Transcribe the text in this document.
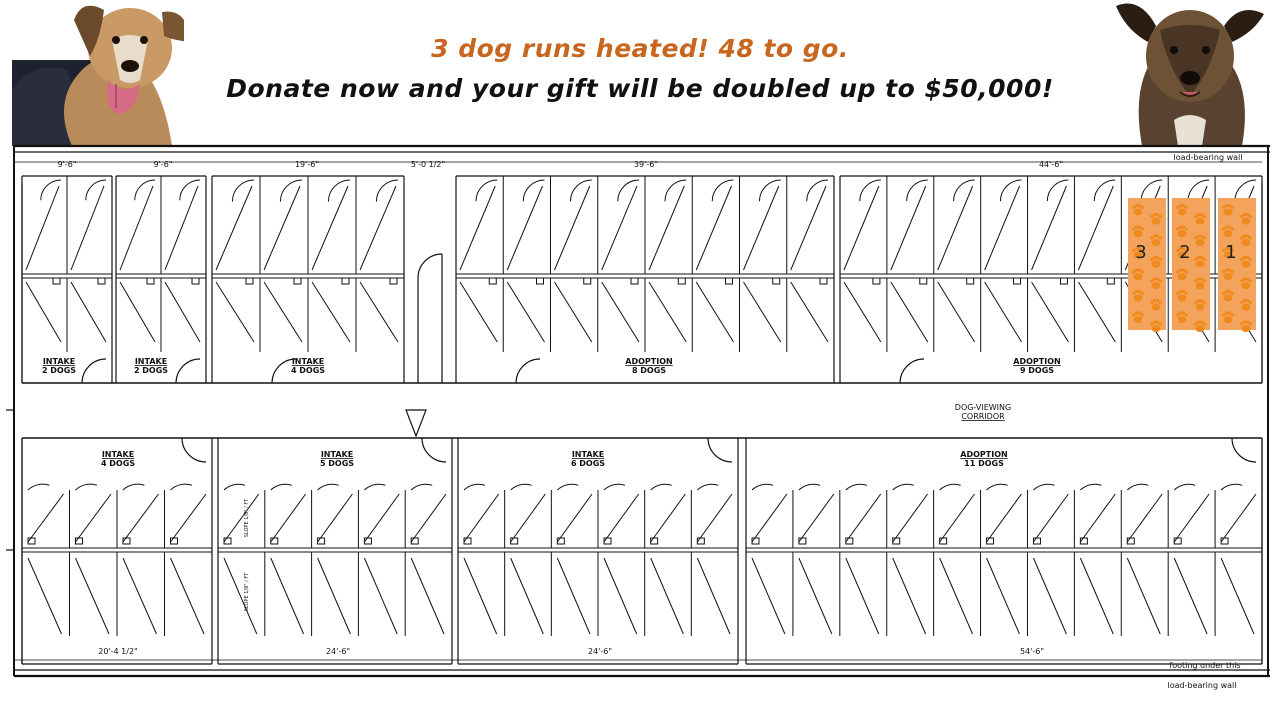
3 dog runs heated! 48 to go.
Donate now and your gift will be doubled up to $50,000!
3 2 1
load-bearing wall
footing under this
load-bearing wall
DOG-VIEWING
CORRIDOR
9'-6"	9'-6"	19'-6"	5'-0 1/2"	39'-6"	44'-6"
20'-4 1/2"	24'-6"	24'-6"	54'-6"
INTAKE
2 DOGS
INTAKE
2 DOGS
INTAKE
4 DOGS
ADOPTION
8 DOGS
ADOPTION
9 DOGS
INTAKE
4 DOGS
INTAKE
5 DOGS
INTAKE
6 DOGS
ADOPTION
11 DOGS
SLOPE 1/8" / FT
SLOPE 1/8" / FT
